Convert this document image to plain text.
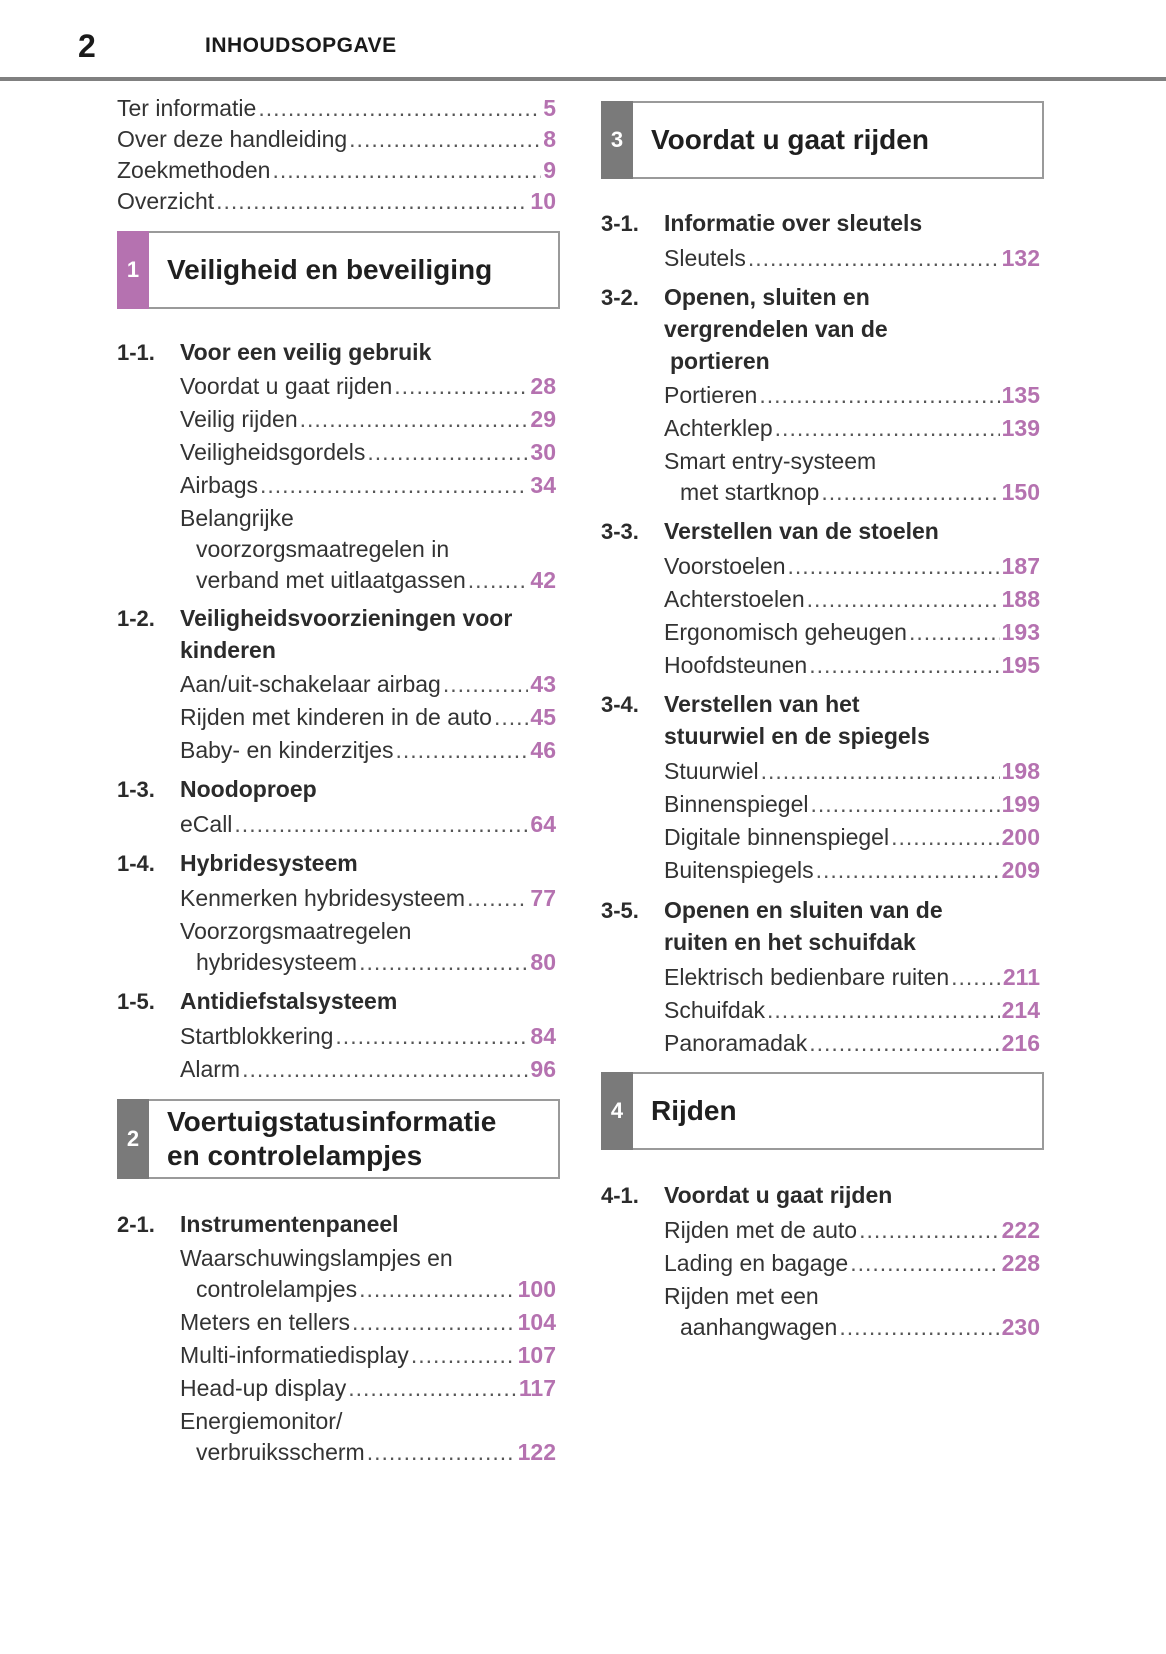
2	INHOUDSOPGAVE
Ter informatie .....	5
Over deze handleiding .....	8
Zoekmethoden .....	9
Overzicht .....	10
1 Veiligheid en beveiliging
1-1. Voor een veilig gebruik
Voordat u gaat rijden .....	28
Veilig rijden .....	29
Veiligheidsgordels .....	30
Airbags .....	34
Belangrijke
voorzorgsmaatregelen in
verband met uitlaatgassen .....	42
1-2. Veiligheidsvoorzieningen voor
kinderen
Aan/uit-schakelaar airbag .....	43
Rijden met kinderen in de auto ..... 45
Baby- en kinderzitjes .....	46
1-3. Noodoproep
eCall .....	64
1-4. Hybridesysteem
Kenmerken hybridesysteem .....	77
Voorzorgsmaatregelen
hybridesysteem .....	80
1-5. Antidiefstalsysteem
Startblokkering .....	84
Alarm .....	96
2
Voertuigstatusinformatie
en controlelampjes
2-1. Instrumentenpaneel
Waarschuwingslampjes en
controlelampjes .....	100
Meters en tellers .....	104
Multi-informatiedisplay .....	107
Head-up display .....	117
Energiemonitor/
verbruiksscherm .....	122
3 Voordat u gaat rijden
3-1. Informatie over sleutels
Sleutels .....	132
3-2. Openen, sluiten en
vergrendelen van de
portieren
Portieren .....	135
Achterklep .....	139
Smart entry-systeem
met startknop .....	150
3-3. Verstellen van de stoelen
Voorstoelen .....	187
Achterstoelen .....	188
Ergonomisch geheugen .....	193
Hoofdsteunen .....	195
3-4. Verstellen van het
stuurwiel en de spiegels
Stuurwiel .....	198
Binnenspiegel .....	199
Digitale binnenspiegel .....	200
Buitenspiegels .....	209
3-5. Openen en sluiten van de
ruiten en het schuifdak
Elektrisch bedienbare ruiten ..... 211
Schuifdak .....	214
Panoramadak .....	216
4 Rijden
4-1. Voordat u gaat rijden
Rijden met de auto .....	222
Lading en bagage .....	228
Rijden met een
aanhangwagen .....	230
